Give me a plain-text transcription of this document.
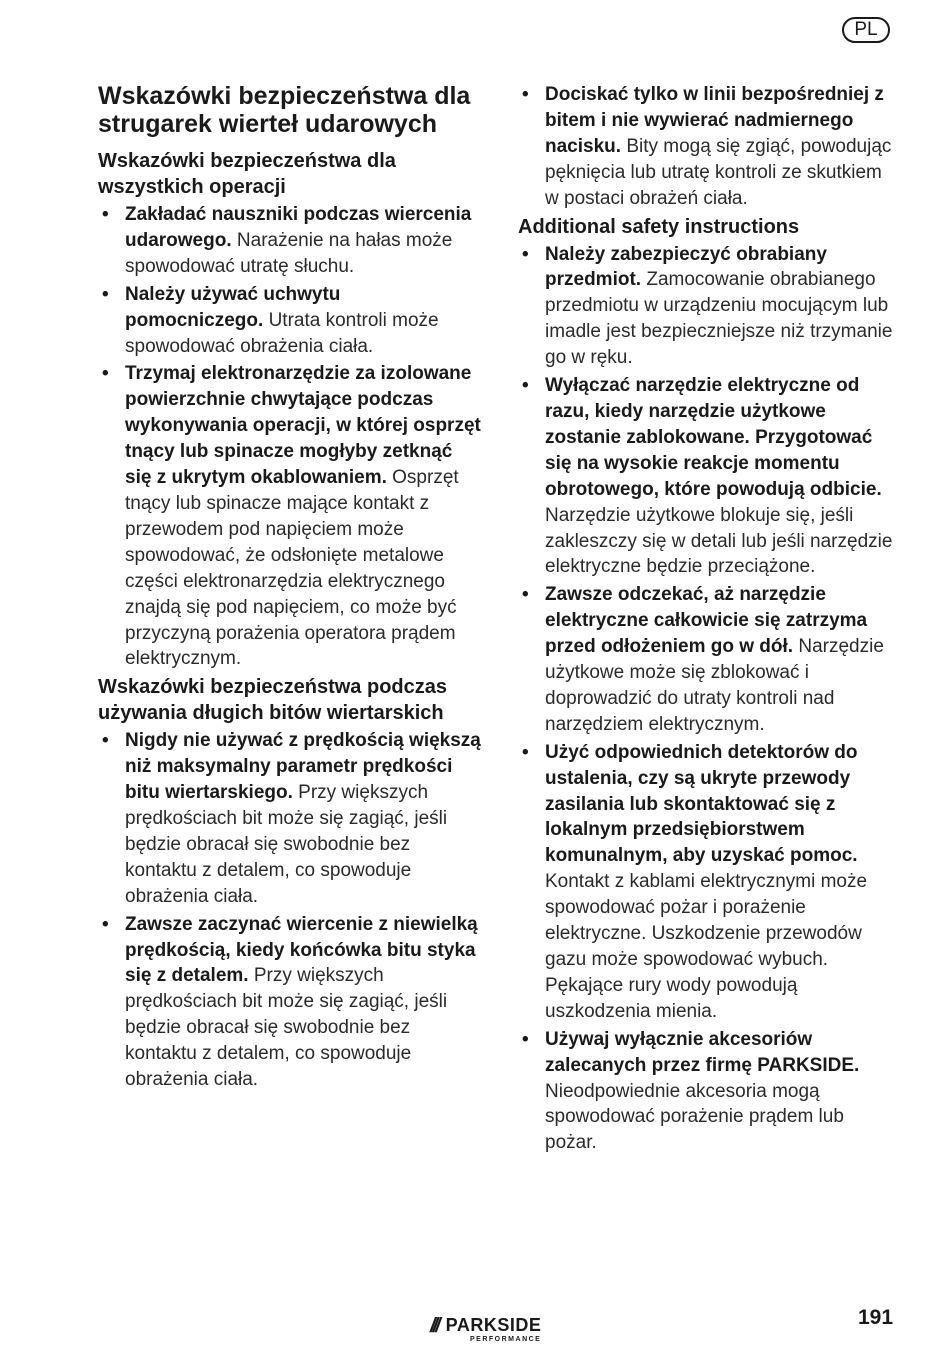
PL
Wskazówki bezpieczeństwa dla strugarek wierteł udarowych
Wskazówki bezpieczeństwa dla wszystkich operacji
• Zakładać nauszniki podczas wiercenia udarowego. Narażenie na hałas może spowodować utratę słuchu.
• Należy używać uchwytu pomocniczego. Utrata kontroli może spowodować obrażenia ciała.
• Trzymaj elektronarzędzie za izolowane powierzchnie chwytające podczas wykonywania operacji, w której osprzęt tnący lub spinacze mogłyby zetknąć się z ukrytym okablowaniem. Osprzęt tnący lub spinacze mające kontakt z przewodem pod napięciem może spowodować, że odsłonięte metalowe części elektronarzędzia elektrycznego znajdą się pod napięciem, co może być przyczyną porażenia operatora prądem elektrycznym.
Wskazówki bezpieczeństwa podczas używania długich bitów wiertarskich
• Nigdy nie używać z prędkością większą niż maksymalny parametr prędkości bitu wiertarskiego. Przy większych prędkościach bit może się zagiąć, jeśli będzie obracał się swobodnie bez kontaktu z detalem, co spowoduje obrażenia ciała.
• Zawsze zaczynać wiercenie z niewielką prędkością, kiedy końcówka bitu styka się z detalem. Przy większych prędkościach bit może się zagiąć, jeśli będzie obracał się swobodnie bez kontaktu z detalem, co spowoduje obrażenia ciała.
• Dociskać tylko w linii bezpośredniej z bitem i nie wywierać nadmiernego nacisku. Bity mogą się zgiąć, powodując pęknięcia lub utratę kontroli ze skutkiem w postaci obrażeń ciała.
Additional safety instructions
• Należy zabezpieczyć obrabiany przedmiot. Zamocowanie obrabianego przedmiotu w urządzeniu mocującym lub imadle jest bezpieczniejsze niż trzymanie go w ręku.
• Wyłączać narzędzie elektryczne od razu, kiedy narzędzie użytkowe zostanie zablokowane. Przygotować się na wysokie reakcje momentu obrotowego, które powodują odbicie. Narzędzie użytkowe blokuje się, jeśli zakleszczy się w detali lub jeśli narzędzie elektryczne będzie przeciążone.
• Zawsze odczekać, aż narzędzie elektryczne całkowicie się zatrzyma przed odłożeniem go w dół. Narzędzie użytkowe może się zblokować i doprowadzić do utraty kontroli nad narzędziem elektrycznym.
• Użyć odpowiednich detektorów do ustalenia, czy są ukryte przewody zasilania lub skontaktować się z lokalnym przedsiębiorstwem komunalnym, aby uzyskać pomoc. Kontakt z kablami elektrycznymi może spowodować pożar i porażenie elektryczne. Uszkodzenie przewodów gazu może spowodować wybuch. Pękające rury wody powodują uszkodzenia mienia.
• Używaj wyłącznie akcesoriów zalecanych przez firmę PARKSIDE. Nieodpowiednie akcesoria mogą spowodować porażenie prądem lub pożar.
/// PARKSIDE
PERFORMANCE
191
